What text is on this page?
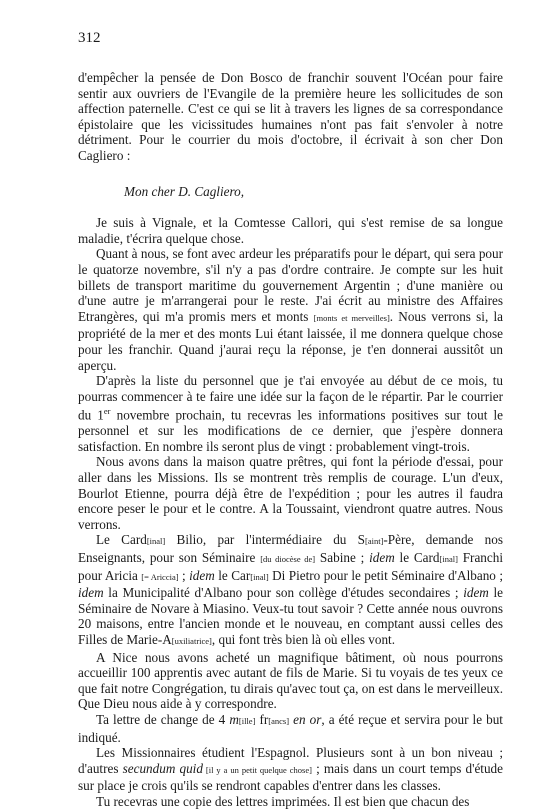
312

d'empêcher la pensée de Don Bosco de franchir souvent l'Océan pour faire sentir aux ouvriers de l'Evangile de la première heure les sollicitudes de son affection paternelle. C'est ce qui se lit à travers les lignes de sa correspondance épistolaire que les vicissitudes humaines n'ont pas fait s'envoler à notre détriment. Pour le courrier du mois d'octobre, il écrivait à son cher Don Cagliero :

Mon cher D. Cagliero,

Je suis à Vignale, et la Comtesse Callori, qui s'est remise de sa longue maladie, t'écrira quelque chose.

Quant à nous, se font avec ardeur les préparatifs pour le départ, qui sera pour le quatorze novembre, s'il n'y a pas d'ordre contraire. Je compte sur les huit billets de transport maritime du gouvernement Argentin ; d'une manière ou d'une autre je m'arrangerai pour le reste. J'ai écrit au ministre des Affaires Etrangères, qui m'a promis mers et monts [monts et merveilles]. Nous verrons si, la propriété de la mer et des monts Lui étant laissée, il me donnera quelque chose pour les franchir. Quand j'aurai reçu la réponse, je t'en donnerai aussitôt un aperçu.

D'après la liste du personnel que je t'ai envoyée au début de ce mois, tu pourras commencer à te faire une idée sur la façon de le répartir. Par le courrier du 1er novembre prochain, tu recevras les informations positives sur tout le personnel et sur les modifications de ce dernier, que j'espère donnera satisfaction. En nombre ils seront plus de vingt : probablement vingt-trois.

Nous avons dans la maison quatre prêtres, qui font la période d'essai, pour aller dans les Missions. Ils se montrent très remplis de courage. L'un d'eux, Bourlot Etienne, pourra déjà être de l'expédition ; pour les autres il faudra encore peser le pour et le contre. A la Toussaint, viendront quatre autres. Nous verrons.

Le Card[inal] Bilio, par l'intermédiaire du S[aint]-Père, demande nos Enseignants, pour son Séminaire [du diocèse de] Sabine ; idem le Card[inal] Franchi pour Aricia [= Ariccia] ; idem le Car[inal] Di Pietro pour le petit Séminaire d'Albano ; idem la Municipalité d'Albano pour son collège d'études secondaires ; idem le Séminaire de Novare à Miasino. Veux-tu tout savoir ? Cette année nous ouvrons 20 maisons, entre l'ancien monde et le nouveau, en comptant aussi celles des Filles de Marie-A[uxiliatrice], qui font très bien là où elles vont.

A Nice nous avons acheté un magnifique bâtiment, où nous pourrons accueillir 100 apprentis avec autant de fils de Marie. Si tu voyais de tes yeux ce que fait notre Congrégation, tu dirais qu'avec tout ça, on est dans le merveilleux. Que Dieu nous aide à y correspondre.

Ta lettre de change de 4 m[ille] fr[ancs] en or, a été reçue et servira pour le but indiqué.

Les Missionnaires étudient l'Espagnol. Plusieurs sont à un bon niveau ; d'autres secundum quid [il y a un petit quelque chose] ; mais dans un court temps d'étude sur place je crois qu'ils se rendront capables d'entrer dans les classes.

Tu recevras une copie des lettres imprimées. Il est bien que chacun des
